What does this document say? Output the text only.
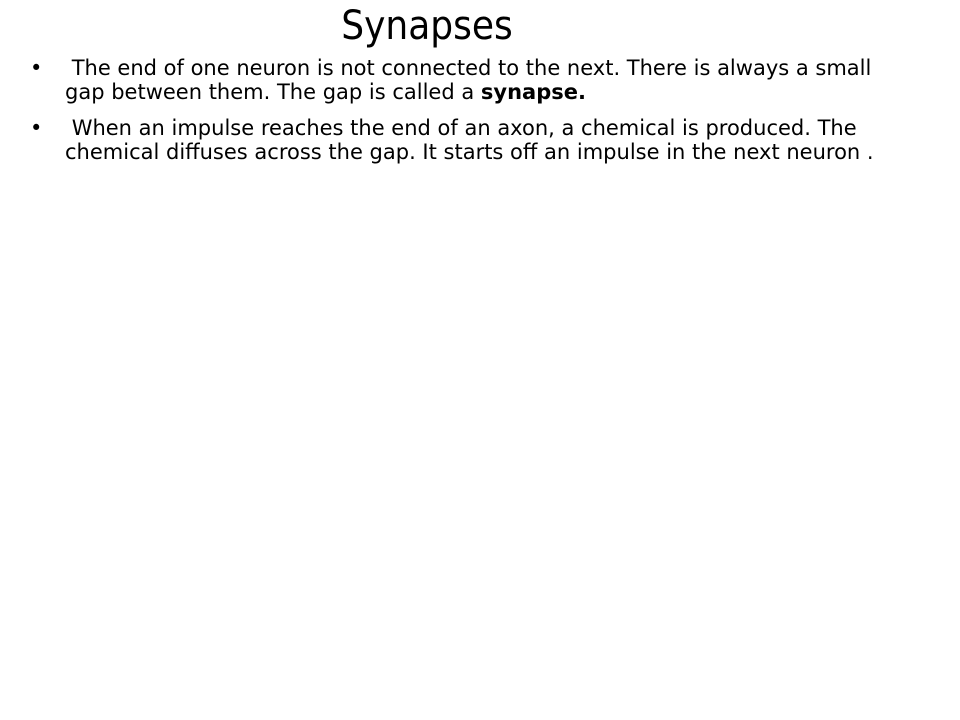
Synapses
•	The end of one neuron is not connected to the next. There is always a small gap between them. The gap is called a synapse.
•	When an impulse reaches the end of an axon, a chemical is produced. The chemical diffuses across the gap. It starts off an impulse in the next neuron .
